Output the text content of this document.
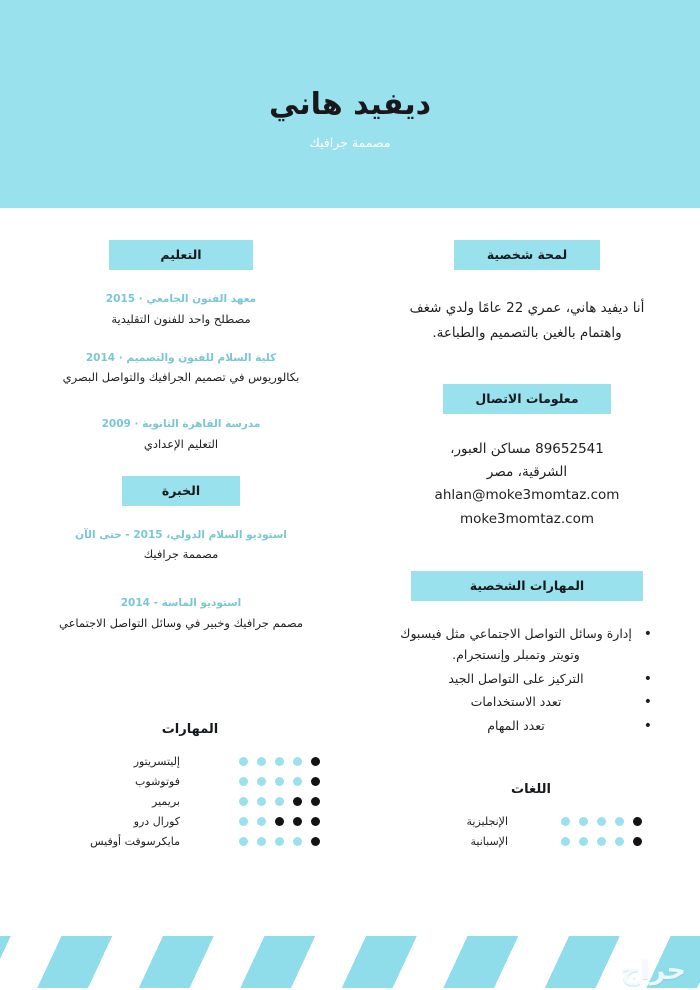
ديفيد هاني
مصممة جرافيك
لمحة شخصية
أنا ديفيد هاني، عمري 22 عامًا ولدي شغف واهتمام بالغين بالتصميم والطباعة.
معلومات الاتصال
89652541 مساكن العبور،
الشرقية، مصر
ahlan@moke3momtaz.com
moke3momtaz.com
المهارات الشخصية
• إدارة وسائل التواصل الاجتماعي مثل فيسبوك وتويتر وتمبلر وإنستجرام.
• التركيز على التواصل الجيد
• تعدد الاستخدامات
• تعدد المهام
التعليم
معهد الفنون الجامعي · 2015
مصطلح واحد للفنون التقليدية
كلية السلام للفنون والتصميم · 2014
بكالوريوس في تصميم الجرافيك والتواصل البصري
مدرسة القاهرة الثانوية · 2009
التعليم الإعدادي
الخبرة
استوديو السلام الدولي، 2015 - حتى الآن
مصممة جرافيك
استوديو الماسة - 2014
مصمم جرافيك وخبير في وسائل التواصل الاجتماعي
المهارات
إليتسريتور
فوتوشوب
بريمير
كورال درو
مايكرسوفت أوفيس
اللغات
الإنجليزية
الإسبانية
حراج
